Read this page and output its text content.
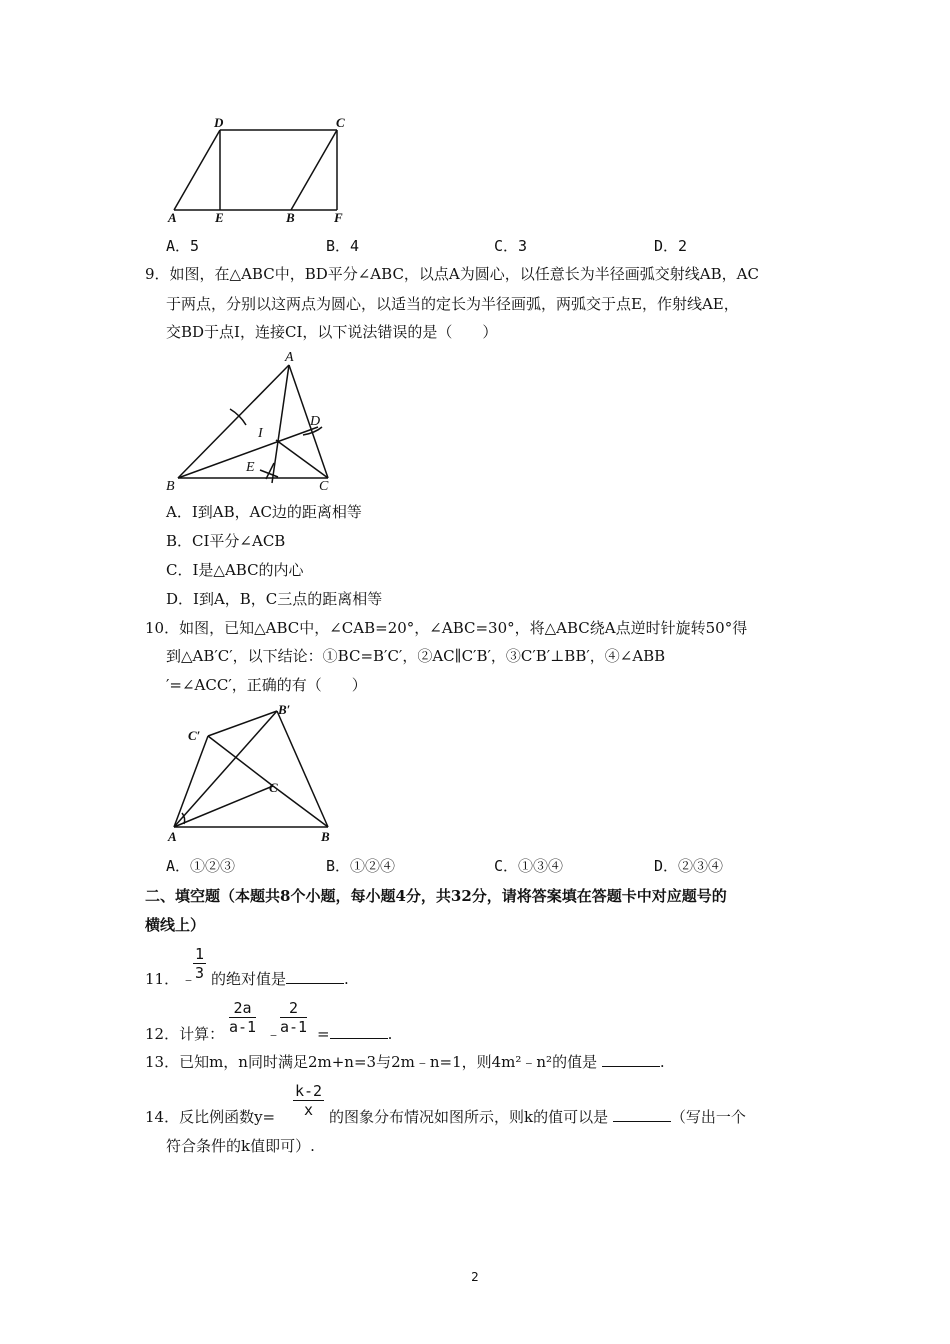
D	C
A	E	B	F
A．5	B．4	C．3	D．2
9．如图，在△ABC中，BD平分∠ABC，以点A为圆心，以任意长为半径画弧交射线AB，AC
于两点，分别以这两点为圆心，以适当的定长为半径画弧，两弧交于点E，作射线AE，
交BD于点I，连接CI，以下说法错误的是（　　）
A
D
I
E
B	C
A．I到AB，AC边的距离相等
B．CI平分∠ACB
C．I是△ABC的内心
D．I到A，B，C三点的距离相等
10．如图，已知△ABC中，∠CAB=20°，∠ABC=30°，将△ABC绕A点逆时针旋转50°得
到△AB′C′，以下结论：①BC=B′C′，②AC∥C′B′，③C′B′⊥BB′，④∠ABB
′=∠ACC′，正确的有（　　）
B′
C′
C
A	B
A．①②③	B．①②④	C．①③④	D．②③④
二、填空题（本题共8个小题，每小题4分，共32分，请将答案填在答题卡中对应题号的
横线上）
11． ﹣
$\frac{1}{3}$ 的绝对值是	.
12．计算： $\frac{2a}{a-1}$ ﹣
$\frac{2}{a-1}$ =	.
13．已知m，n同时满足2m+n=3与2m﹣n=1，则4m²﹣n²的值是	.
14．反比例函数$y= \frac{k-2}{x}$ 的图象分布情况如图所示，则k的值可以是	（写出一个
符合条件的k值即可）.
2
